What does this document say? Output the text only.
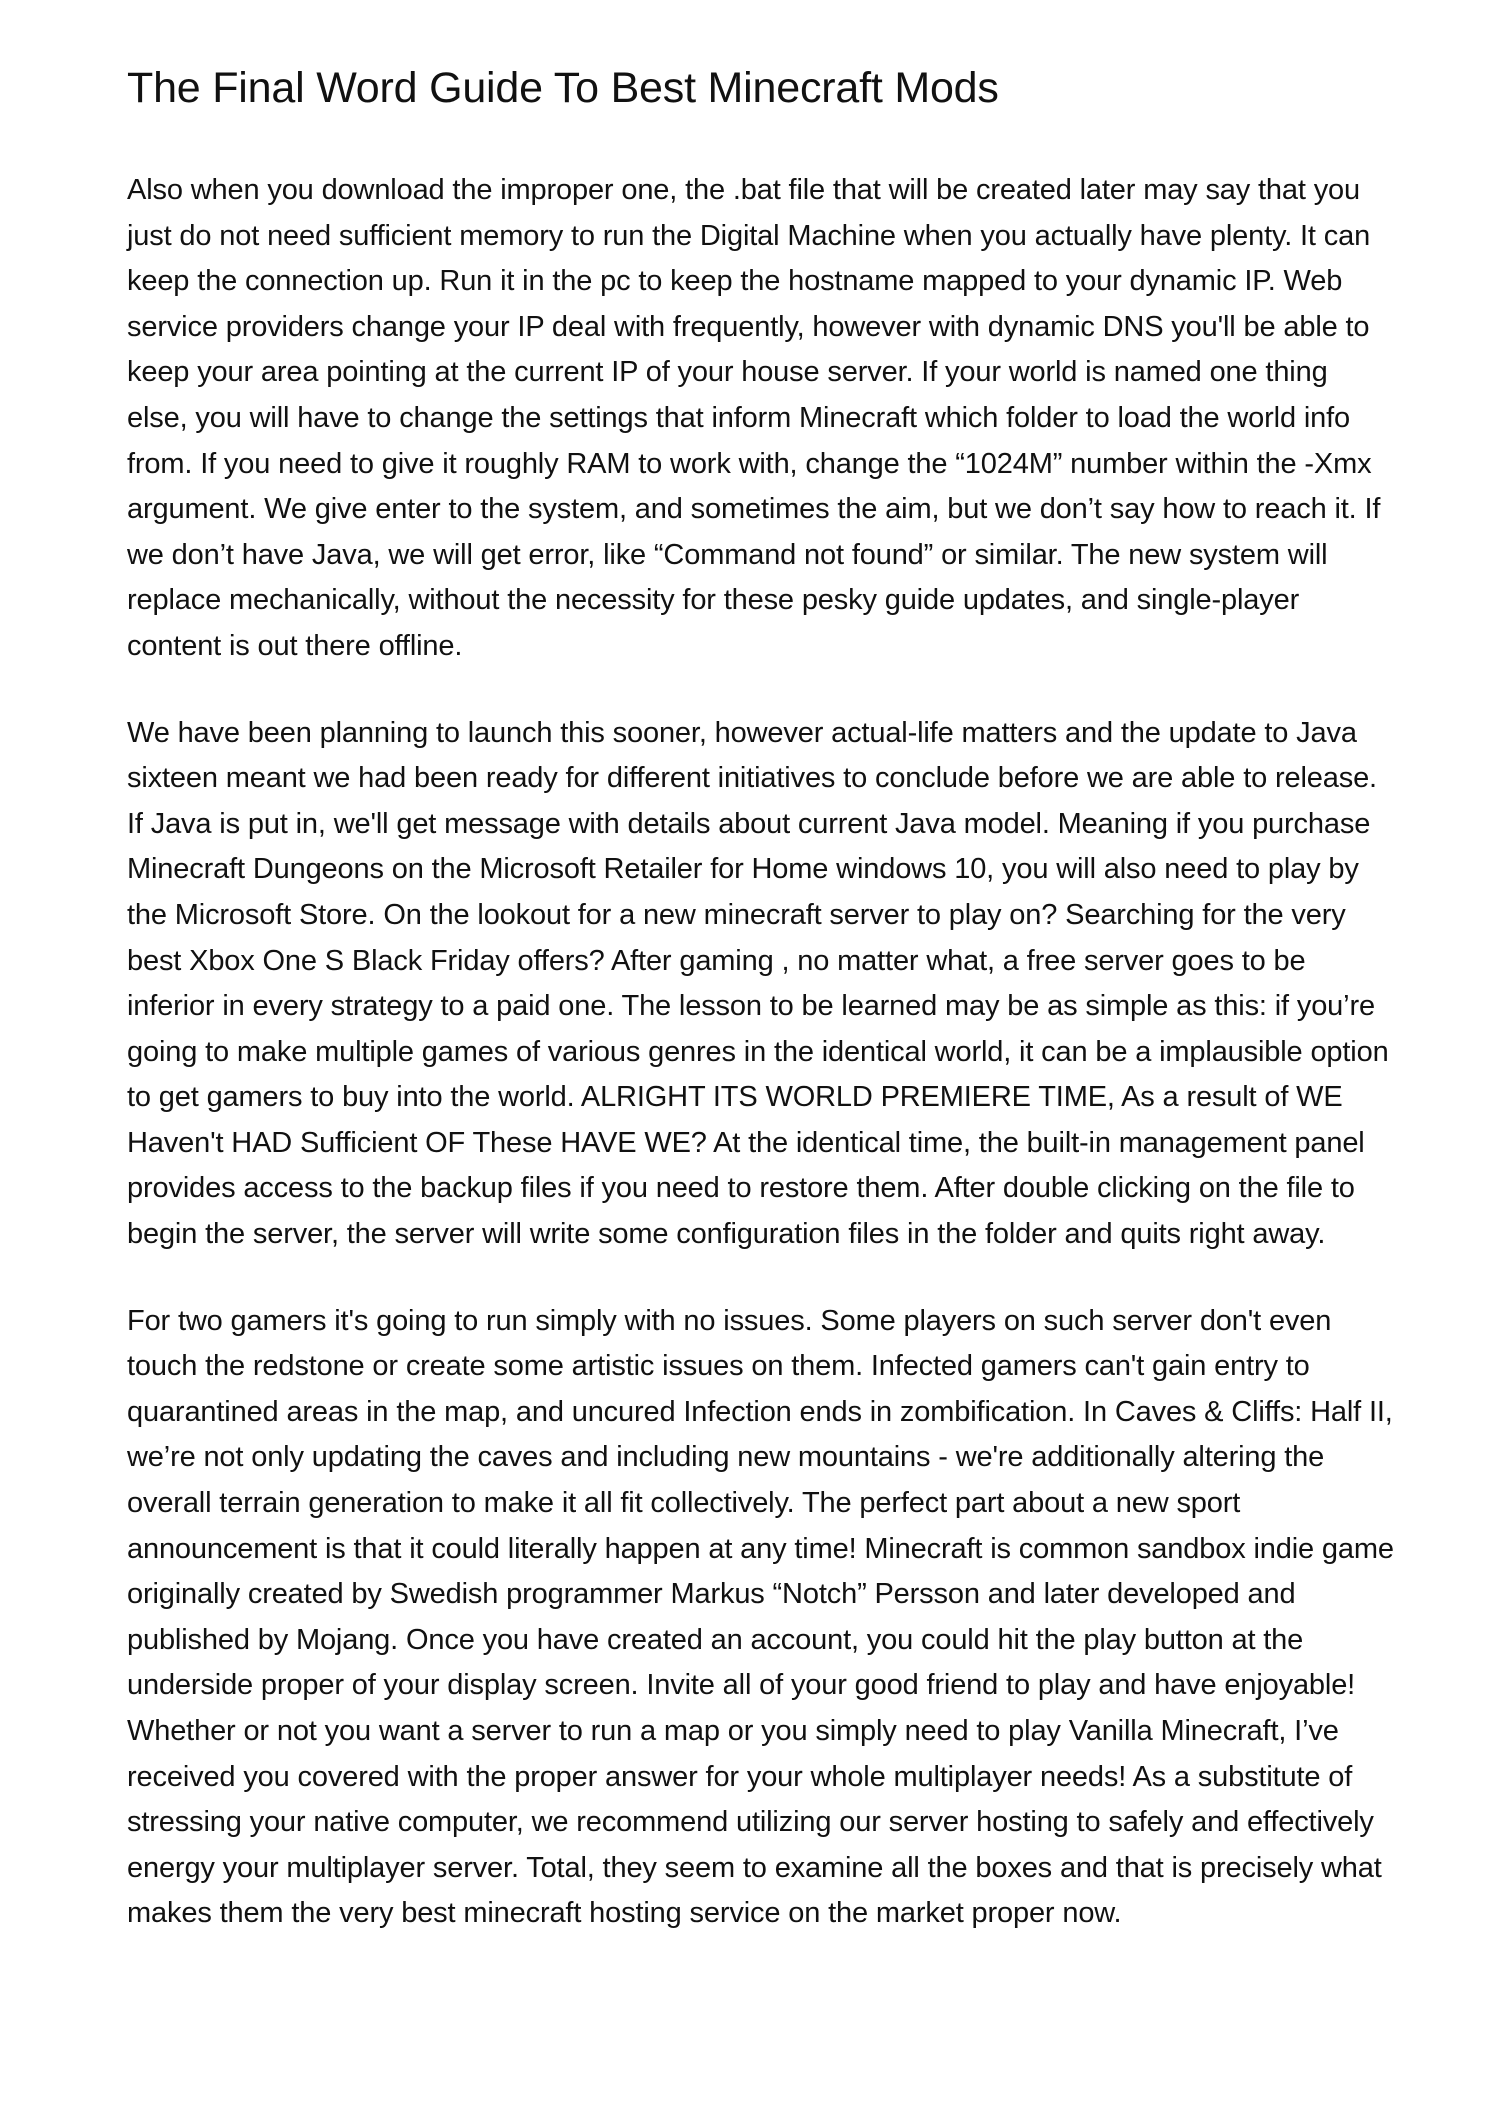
The Final Word Guide To Best Minecraft Mods

Also when you download the improper one, the .bat file that will be created later may say that you just do not need sufficient memory to run the Digital Machine when you actually have plenty. It can keep the connection up. Run it in the pc to keep the hostname mapped to your dynamic IP. Web service providers change your IP deal with frequently, however with dynamic DNS you'll be able to keep your area pointing at the current IP of your house server. If your world is named one thing else, you will have to change the settings that inform Minecraft which folder to load the world info from. If you need to give it roughly RAM to work with, change the “1024M” number within the -Xmx argument. We give enter to the system, and sometimes the aim, but we don’t say how to reach it. If we don’t have Java, we will get error, like “Command not found” or similar. The new system will replace mechanically, without the necessity for these pesky guide updates, and single-player content is out there offline.

We have been planning to launch this sooner, however actual-life matters and the update to Java sixteen meant we had been ready for different initiatives to conclude before we are able to release. If Java is put in, we'll get message with details about current Java model. Meaning if you purchase Minecraft Dungeons on the Microsoft Retailer for Home windows 10, you will also need to play by the Microsoft Store. On the lookout for a new minecraft server to play on? Searching for the very best Xbox One S Black Friday offers? After gaming , no matter what, a free server goes to be inferior in every strategy to a paid one. The lesson to be learned may be as simple as this: if you’re going to make multiple games of various genres in the identical world, it can be a implausible option to get gamers to buy into the world. ALRIGHT ITS WORLD PREMIERE TIME, As a result of WE Haven't HAD Sufficient OF These HAVE WE? At the identical time, the built-in management panel provides access to the backup files if you need to restore them. After double clicking on the file to begin the server, the server will write some configuration files in the folder and quits right away.

For two gamers it's going to run simply with no issues. Some players on such server don't even touch the redstone or create some artistic issues on them. Infected gamers can't gain entry to quarantined areas in the map, and uncured Infection ends in zombification. In Caves & Cliffs: Half II, we’re not only updating the caves and including new mountains - we're additionally altering the overall terrain generation to make it all fit collectively. The perfect part about a new sport announcement is that it could literally happen at any time! Minecraft is common sandbox indie game originally created by Swedish programmer Markus “Notch” Persson and later developed and published by Mojang. Once you have created an account, you could hit the play button at the underside proper of your display screen. Invite all of your good friend to play and have enjoyable! Whether or not you want a server to run a map or you simply need to play Vanilla Minecraft, I’ve received you covered with the proper answer for your whole multiplayer needs! As a substitute of stressing your native computer, we recommend utilizing our server hosting to safely and effectively energy your multiplayer server. Total, they seem to examine all the boxes and that is precisely what makes them the very best minecraft hosting service on the market proper now.
